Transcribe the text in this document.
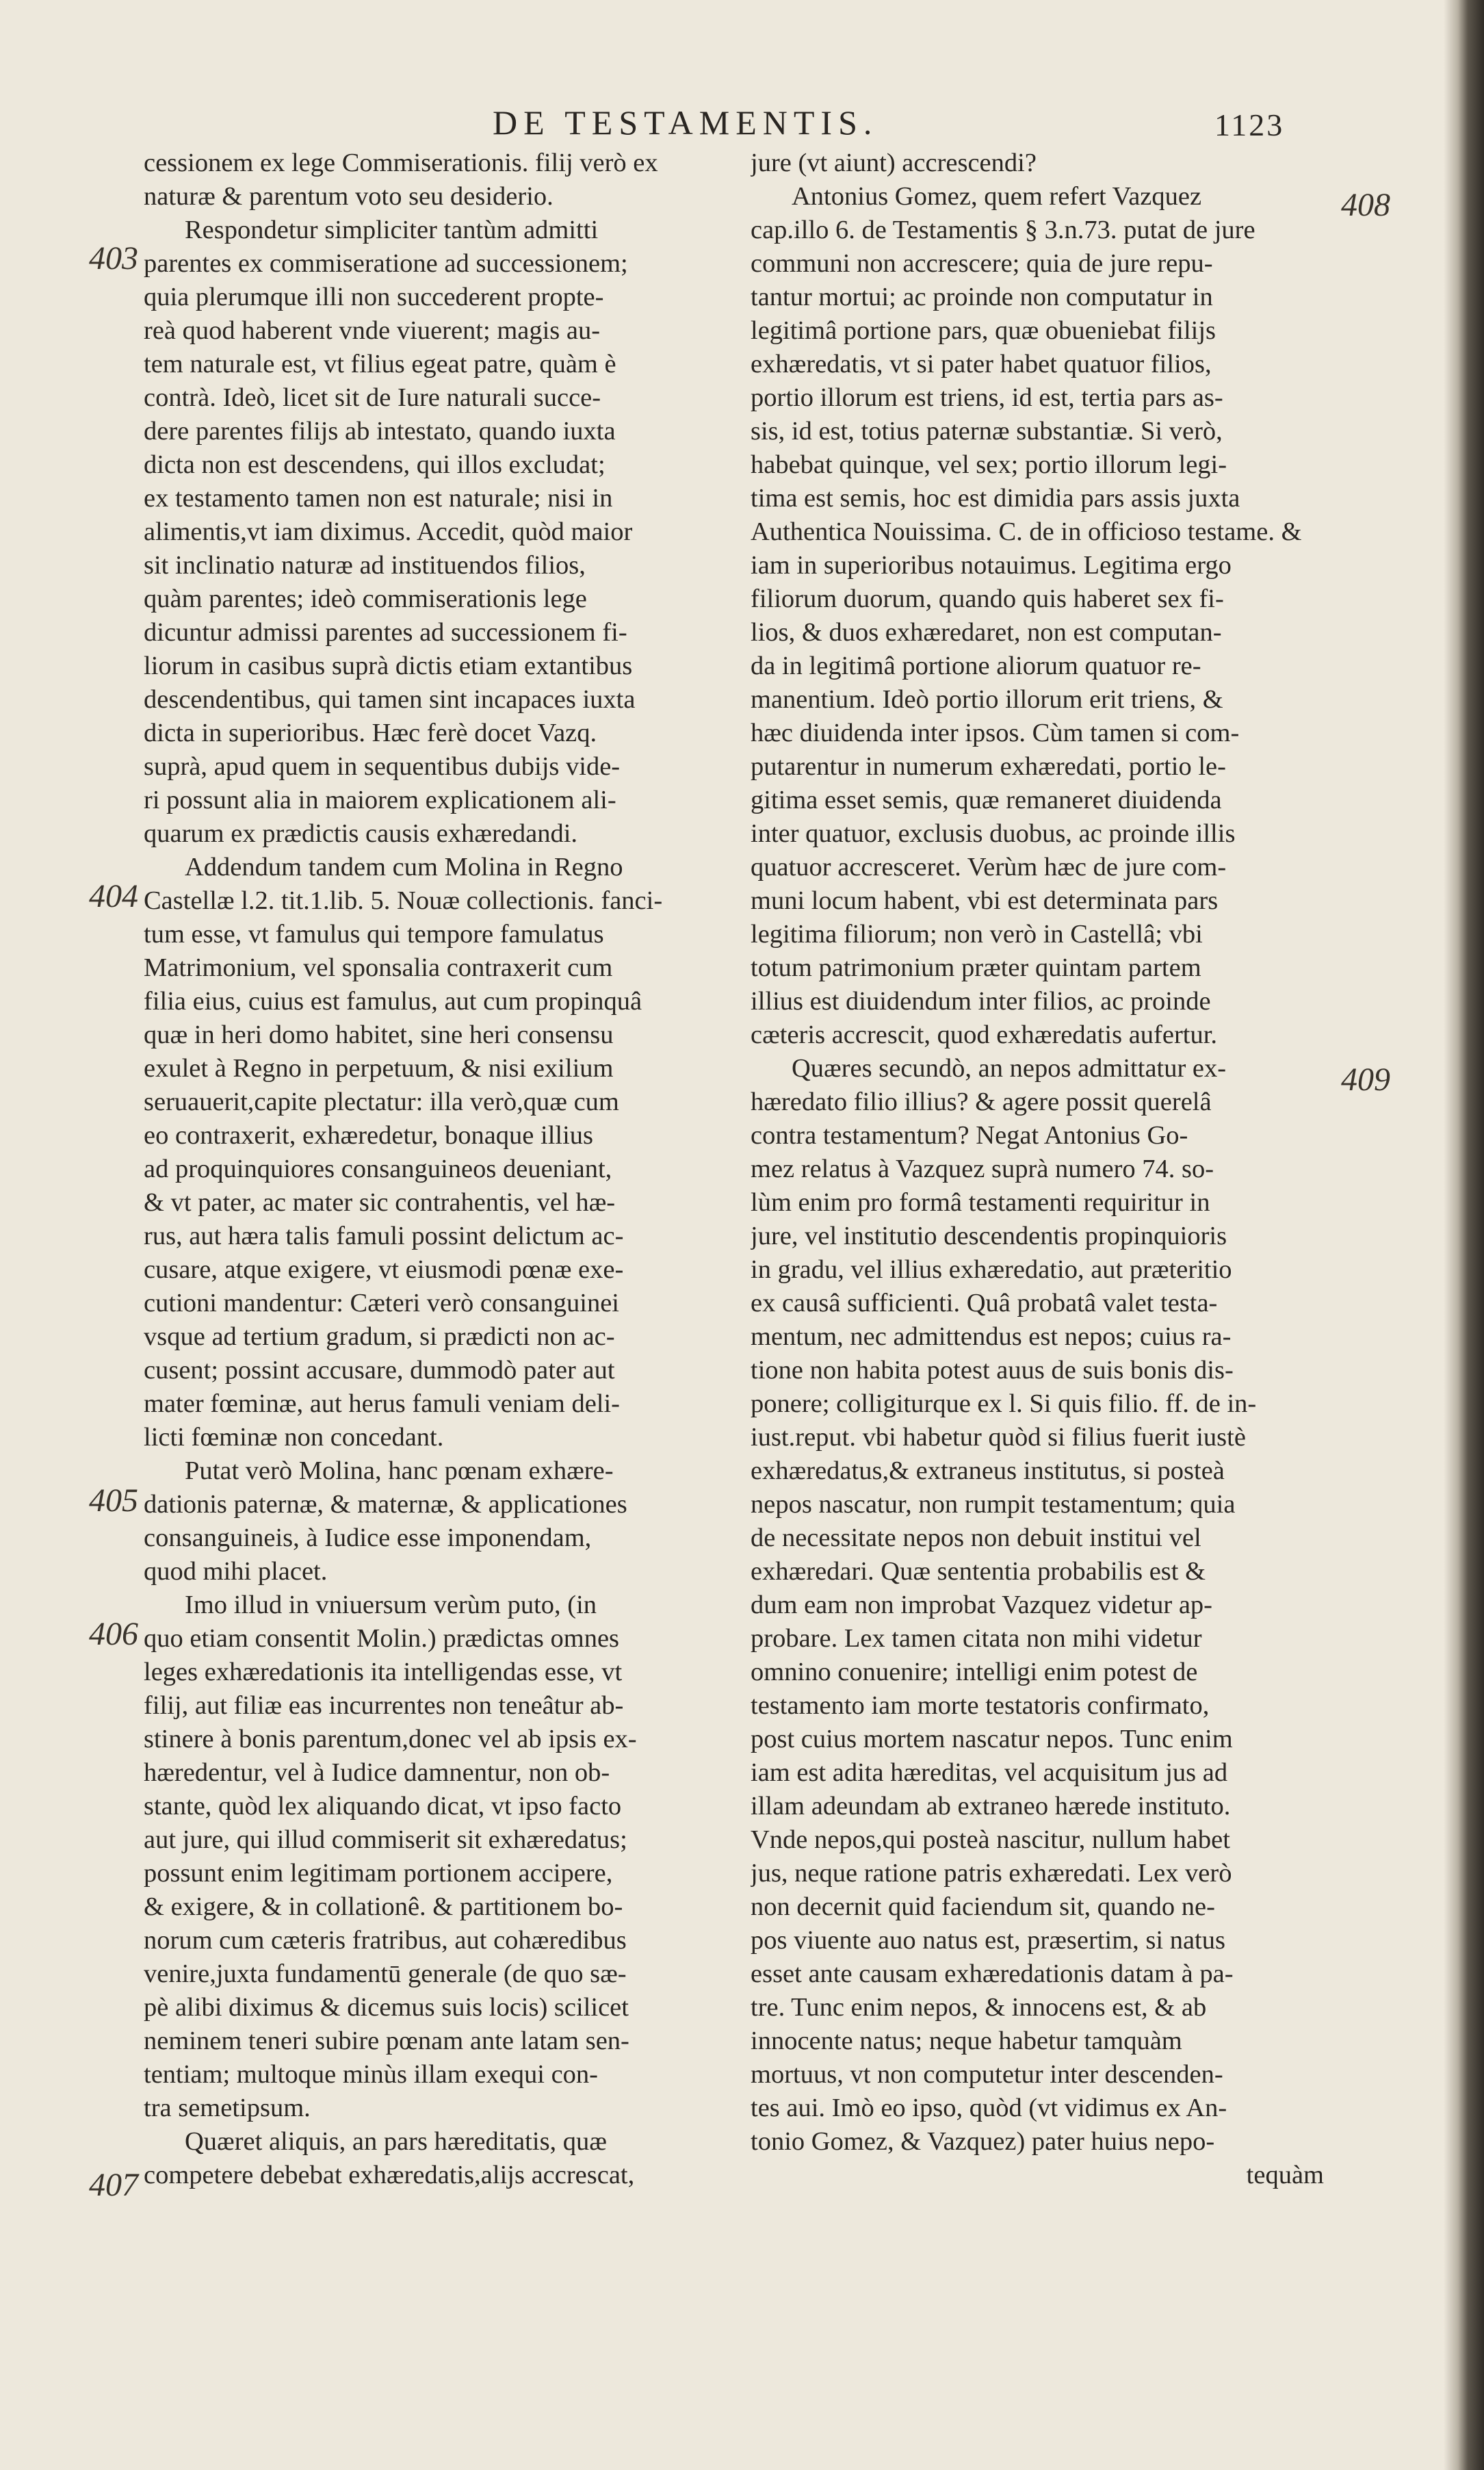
DE TESTAMENTIS.	1123
403
404
405
406
407
408
409
cessionem ex lege Commiserationis. filij verò ex
naturæ & parentum voto seu desiderio.
Respondetur simpliciter tantùm admitti
parentes ex commiseratione ad successionem;
quia plerumque illi non succederent propte-
reà quod haberent vnde viuerent; magis au-
tem naturale est, vt filius egeat patre, quàm è
contrà. Ideò, licet sit de Iure naturali succe-
dere parentes filijs ab intestato, quando iuxta
dicta non est descendens, qui illos excludat;
ex testamento tamen non est naturale; nisi in
alimentis,vt iam diximus. Accedit, quòd maior
sit inclinatio naturæ ad instituendos filios,
quàm parentes; ideò commiserationis lege
dicuntur admissi parentes ad successionem fi-
liorum in casibus suprà dictis etiam extantibus
descendentibus, qui tamen sint incapaces iuxta
dicta in superioribus. Hæc ferè docet Vazq.
suprà, apud quem in sequentibus dubijs vide-
ri possunt alia in maiorem explicationem ali-
quarum ex prædictis causis exhæredandi.
Addendum tandem cum Molina in Regno
Castellæ l.2. tit.1.lib. 5. Nouæ collectionis. fanci-
tum esse, vt famulus qui tempore famulatus
Matrimonium, vel sponsalia contraxerit cum
filia eius, cuius est famulus, aut cum propinquâ
quæ in heri domo habitet, sine heri consensu
exulet à Regno in perpetuum, & nisi exilium
seruauerit,capite plectatur: illa verò,quæ cum
eo contraxerit, exhæredetur, bonaque illius
ad proquinquiores consanguineos deueniant,
& vt pater, ac mater sic contrahentis, vel hæ-
rus, aut hæra talis famuli possint delictum ac-
cusare, atque exigere, vt eiusmodi pœnæ exe-
cutioni mandentur: Cæteri verò consanguinei
vsque ad tertium gradum, si prædicti non ac-
cusent; possint accusare, dummodò pater aut
mater fœminæ, aut herus famuli veniam deli-
licti fœminæ non concedant.
Putat verò Molina, hanc pœnam exhære-
dationis paternæ, & maternæ, & applicationes
consanguineis, à Iudice esse imponendam,
quod mihi placet.
Imo illud in vniuersum verùm puto, (in
quo etiam consentit Molin.) prædictas omnes
leges exhæredationis ita intelligendas esse, vt
filij, aut filiæ eas incurrentes non teneâtur ab-
stinere à bonis parentum,donec vel ab ipsis ex-
hæredentur, vel à Iudice damnentur, non ob-
stante, quòd lex aliquando dicat, vt ipso facto
aut jure, qui illud commiserit sit exhæredatus;
possunt enim legitimam portionem accipere,
& exigere, & in collationê. & partitionem bo-
norum cum cæteris fratribus, aut cohæredibus
venire,juxta fundamentū generale (de quo sæ-
pè alibi diximus & dicemus suis locis) scilicet
neminem teneri subire pœnam ante latam sen-
tentiam; multoque minùs illam exequi con-
tra semetipsum.
Quæret aliquis, an pars hæreditatis, quæ
competere debebat exhæredatis,alijs accrescat,
jure (vt aiunt) accrescendi?
Antonius Gomez, quem refert Vazquez
cap.illo 6. de Testamentis § 3.n.73. putat de jure
communi non accrescere; quia de jure repu-
tantur mortui; ac proinde non computatur in
legitimâ portione pars, quæ obueniebat filijs
exhæredatis, vt si pater habet quatuor filios,
portio illorum est triens, id est, tertia pars as-
sis, id est, totius paternæ substantiæ. Si verò,
habebat quinque, vel sex; portio illorum legi-
tima est semis, hoc est dimidia pars assis juxta
Authentica Nouissima. C. de in officioso testame. &
iam in superioribus notauimus. Legitima ergo
filiorum duorum, quando quis haberet sex fi-
lios, & duos exhæredaret, non est computan-
da in legitimâ portione aliorum quatuor re-
manentium. Ideò portio illorum erit triens, &
hæc diuidenda inter ipsos. Cùm tamen si com-
putarentur in numerum exhæredati, portio le-
gitima esset semis, quæ remaneret diuidenda
inter quatuor, exclusis duobus, ac proinde illis
quatuor accresceret. Verùm hæc de jure com-
muni locum habent, vbi est determinata pars
legitima filiorum; non verò in Castellâ; vbi
totum patrimonium præter quintam partem
illius est diuidendum inter filios, ac proinde
cæteris accrescit, quod exhæredatis aufertur.
Quæres secundò, an nepos admittatur ex-
hæredato filio illius? & agere possit querelâ
contra testamentum? Negat Antonius Go-
mez relatus à Vazquez suprà numero 74. so-
lùm enim pro formâ testamenti requiritur in
jure, vel institutio descendentis propinquioris
in gradu, vel illius exhæredatio, aut præteritio
ex causâ sufficienti. Quâ probatâ valet testa-
mentum, nec admittendus est nepos; cuius ra-
tione non habita potest auus de suis bonis dis-
ponere; colligiturque ex l. Si quis filio. ff. de in-
iust.reput. vbi habetur quòd si filius fuerit iustè
exhæredatus,& extraneus institutus, si posteà
nepos nascatur, non rumpit testamentum; quia
de necessitate nepos non debuit institui vel
exhæredari. Quæ sententia probabilis est &
dum eam non improbat Vazquez videtur ap-
probare. Lex tamen citata non mihi videtur
omnino conuenire; intelligi enim potest de
testamento iam morte testatoris confirmato,
post cuius mortem nascatur nepos. Tunc enim
iam est adita hæreditas, vel acquisitum jus ad
illam adeundam ab extraneo hærede instituto.
Vnde nepos,qui posteà nascitur, nullum habet
jus, neque ratione patris exhæredati. Lex verò
non decernit quid faciendum sit, quando ne-
pos viuente auo natus est, præsertim, si natus
esset ante causam exhæredationis datam à pa-
tre. Tunc enim nepos, & innocens est, & ab
innocente natus; neque habetur tamquàm
mortuus, vt non computetur inter descenden-
tes aui. Imò eo ipso, quòd (vt vidimus ex An-
tonio Gomez, & Vazquez) pater huius nepo-
tequàm
